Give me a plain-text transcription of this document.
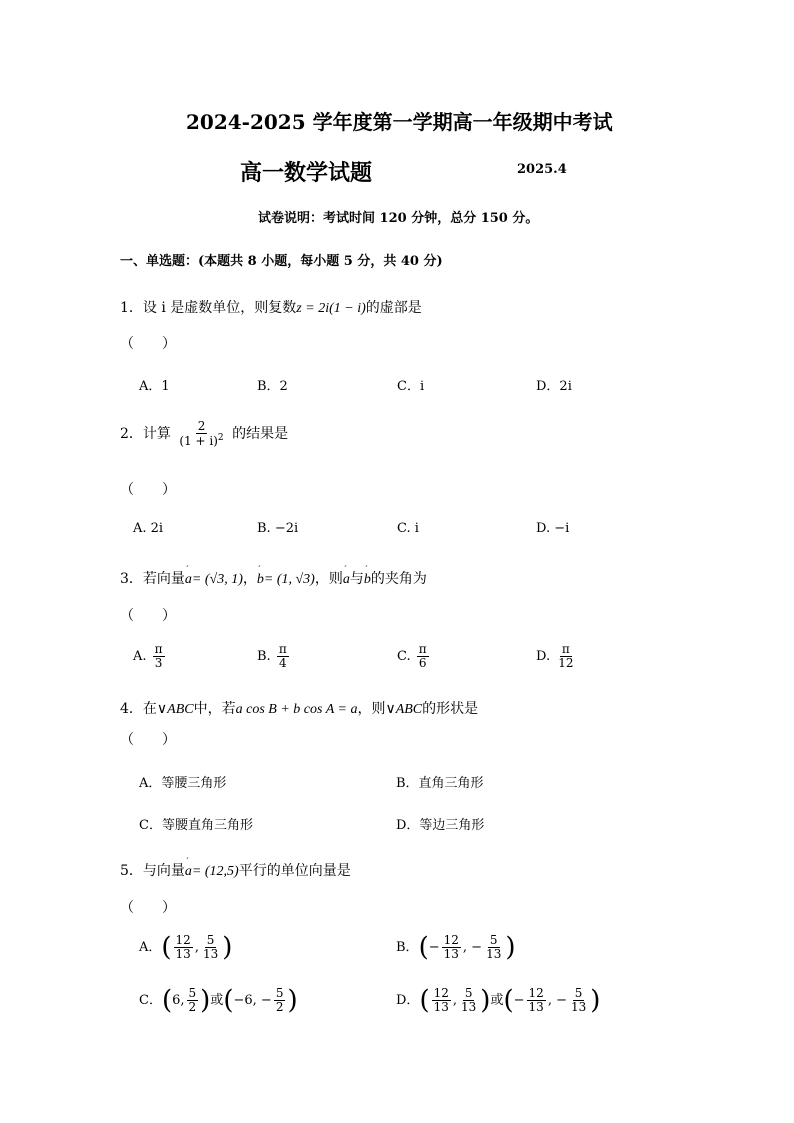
2024-2025 学年度第一学期高一年级期中考试
高一数学试题	2025.4
试卷说明：考试时间 120 分钟，总分 150 分。
一、单选题：(本题共 8 小题，每小题 5 分，共 40 分)
1．设 i 是虚数单位，则复数z = 2i(1 − i)的虚部是
（　　）
A．1	B．2	C．i	D．2i
2．计算 $\frac{2}{(1 + i)^2}$ 的结果是
（　　）
A. 2i	B. −2i	C. i	D. −i
3．若向量´ a= (√3, 1)，´ b= (1, √3)，则´ a与´ b的夹角为
（　　）
A. $\frac{\pi}{3}$	B. $\frac{\pi}{4}$	C. $\frac{\pi}{6}$	D. $\frac{\pi}{12}$
4．在∨ABC中，若a cos B + b cos A = a，则∨ABC的形状是
（　　）
A．等腰三角形	B．直角三角形
C．等腰直角三角形	D．等边三角形
5．与向量´ a= (12,5)平行的单位向量是
（　　）
A．( $\frac{12}{13}$ , $\frac{5}{13}$ )	B．(− $\frac{12}{13}$ , − $\frac{5}{13}$ )
C．(6, $\frac{5}{2}$ )或(−6, − $\frac{5}{2}$ )	D．( $\frac{12}{13}$ , $\frac{5}{13}$ )或(− $\frac{12}{13}$ , − $\frac{5}{13}$ )
